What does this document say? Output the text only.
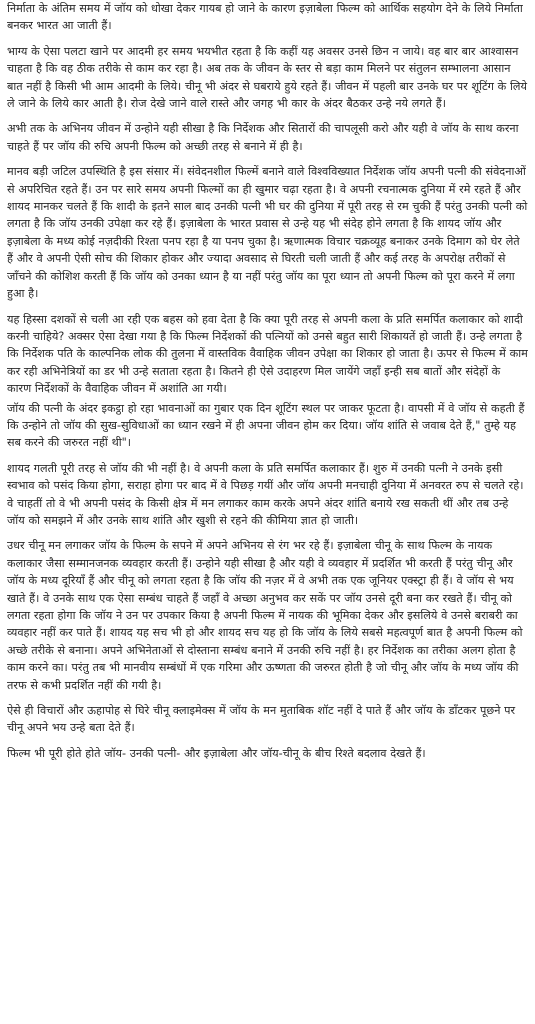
निर्माता के अंतिम समय में जॉय को धोखा देकर गायब हो जाने के कारण इज़ाबेला फिल्म को आर्थिक सहयोग देने के लिये निर्माता बनकर भारत आ जाती हैं।

भाग्य के ऐसा पलटा खाने पर आदमी हर समय भयभीत रहता है कि कहीं यह अवसर उनसे छिन न जाये। वह बार बार आश्वासन चाहता है कि वह ठीक तरीके से काम कर रहा है। अब तक के जीवन के स्तर से बड़ा काम मिलने पर संतुलन सम्भालना आसान बात नहीं है किसी भी आम आदमी के लिये। चीनू भी अंदर से घबराये हुये रहते हैं। जीवन में पहली बार उनके घर पर शूटिंग के लिये ले जाने के लिये कार आती है। रोज देखे जाने वाले रास्ते और जगह भी कार के अंदर बैठकर उन्हे नये लगते हैं।

अभी तक के अभिनय जीवन में उन्होने यही सीखा है कि निर्देशक और सितारों की चापलूसी करो और यही वे जॉय के साथ करना चाहते हैं पर जॉय की रुचि अपनी फिल्म को अच्छी तरह से बनाने में ही है।

मानव बड़ी जटिल उपस्थिति है इस संसार में। संवेदनशील फिल्में बनाने वाले विश्वविख्यात निर्देशक जॉय अपनी पत्नी की संवेदनाओं से अपरिचित रहते हैं। उन पर सारे समय अपनी फिल्मों का ही खुमार चढ़ा रहता है। वे अपनी रचनात्मक दुनिया में रमे रहते हैं और शायद मानकर चलते हैं कि शादी के इतने साल बाद उनकी पत्नी भी घर की दुनिया में पूरी तरह से रम चुकी हैं परंतु उनकी पत्नी को लगता है कि जॉय उनकी उपेक्षा कर रहे हैं। इज़ाबेला के भारत प्रवास से उन्हे यह भी संदेह होने लगता है कि शायद जॉय और इज़ाबेला के मध्य कोई नज़दीकी रिश्ता पनप रहा है या पनप चुका है। ऋणात्मक विचार चक्रव्यूह बनाकर उनके दिमाग को घेर लेते हैं और वे अपनी ऐसी सोच की शिकार होकर और ज्यादा अवसाद से घिरती चली जाती हैं और कई तरह के अपरोक्ष तरीकों से जाँचने की कोशिश करती हैं कि जॉय को उनका ध्यान है या नहीं परंतु जॉय का पूरा ध्यान तो अपनी फिल्म को पूरा करने में लगा हुआ है।

यह हिस्सा दशकों से चली आ रही एक बहस को हवा देता है कि क्या पूरी तरह से अपनी कला के प्रति समर्पित कलाकार को शादी करनी चाहिये? अक्सर ऐसा देखा गया है कि फिल्म निर्देशकों की पत्नियों को उनसे बहुत सारी शिकायतें हो जाती हैं। उन्हे लगता है कि निर्देशक पति के काल्पनिक लोक की तुलना में वास्तविक वैवाहिक जीवन उपेक्षा का शिकार हो जाता है। ऊपर से फिल्म में काम कर रही अभिनेत्रियों का डर भी उन्हे सताता रहता है। कितने ही ऐसे उदाहरण मिल जायेंगे जहाँ इन्ही सब बातों और संदेहों के कारण निर्देशकों के वैवाहिक जीवन में अशांति आ गयी।

जॉय की पत्नी के अंदर इकट्ठा हो रहा भावनाओं का गुबार एक दिन शूटिंग स्थल पर जाकर फूटता है। वापसी में वे जॉय से कहती हैं कि उन्होने तो जॉय की सुख-सुविधाओं का ध्यान रखने में ही अपना जीवन होम कर दिया। जॉय शांति से जवाब देते हैं," तुम्हे यह सब करने की जरुरत नहीं थी"।

शायद गलती पूरी तरह से जॉय की भी नहीं है। वे अपनी कला के प्रति समर्पित कलाकार हैं। शुरु में उनकी पत्नी ने उनके इसी स्वभाव को पसंद किया होगा, सराहा होगा पर बाद में वे पिछड़ गयीं और जॉय अपनी मनचाही दुनिया में अनवरत रुप से चलते रहे। वे चाहतीं तो वे भी अपनी पसंद के किसी क्षेत्र में मन लगाकर काम करके अपने अंदर शांति बनाये रख सकती थीं और तब उन्हे जॉय को समझने में और उनके साथ शांति और खुशी से रहने की कीमिया ज्ञात हो जाती।

उधर चीनू मन लगाकर जॉय के फिल्म के सपने में अपने अभिनय से रंग भर रहे हैं। इज़ाबेला चीनू के साथ फिल्म के नायक कलाकार जैसा सम्मानजनक व्यवहार करती हैं। उन्होने यही सीखा है और यही वे व्यवहार में प्रदर्शित भी करती हैं परंतु चीनू और जॉय के मध्य दूरियाँ हैं और चीनू को लगता रहता है कि जॉय की नज़र में वे अभी तक एक जूनियर एक्स्ट्रा ही हैं। वे जॉय से भय खाते हैं। वे उनके साथ एक ऐसा सम्बंध चाहते हैं जहाँ वे अच्छा अनुभव कर सकें पर जॉय उनसे दूरी बना कर रखते हैं। चीनू को लगता रहता होगा कि जॉय ने उन पर उपकार किया है अपनी फिल्म में नायक की भूमिका देकर और इसलिये वे उनसे बराबरी का व्यवहार नहीं कर पाते हैं। शायद यह सच भी हो और शायद सच यह हो कि जॉय के लिये सबसे महत्वपूर्ण बात है अपनी फिल्म को अच्छे तरीके से बनाना। अपने अभिनेताओं से दोस्ताना सम्बंध बनाने में उनकी रुचि नहीं है। हर निर्देशक का तरीका अलग होता है काम करने का। परंतु तब भी मानवीय सम्बंधों में एक गरिमा और ऊष्णता की जरुरत होती है जो चीनू और जॉय के मध्य जॉय की तरफ से कभी प्रदर्शित नहीं की गयी है।

ऐसे ही विचारों और ऊहापोह से घिरे चीनू क्लाइमेक्स में जॉय के मन मुताबिक शॉट नहीं दे पाते हैं और जॉय के डाँटकर पूछने पर चीनू अपने भय उन्हे बता देते हैं।

फिल्म भी पूरी होते होते जॉय- उनकी पत्नी- और इज़ाबेला और जॉय-चीनू के बीच रिश्ते बदलाव देखते हैं।
